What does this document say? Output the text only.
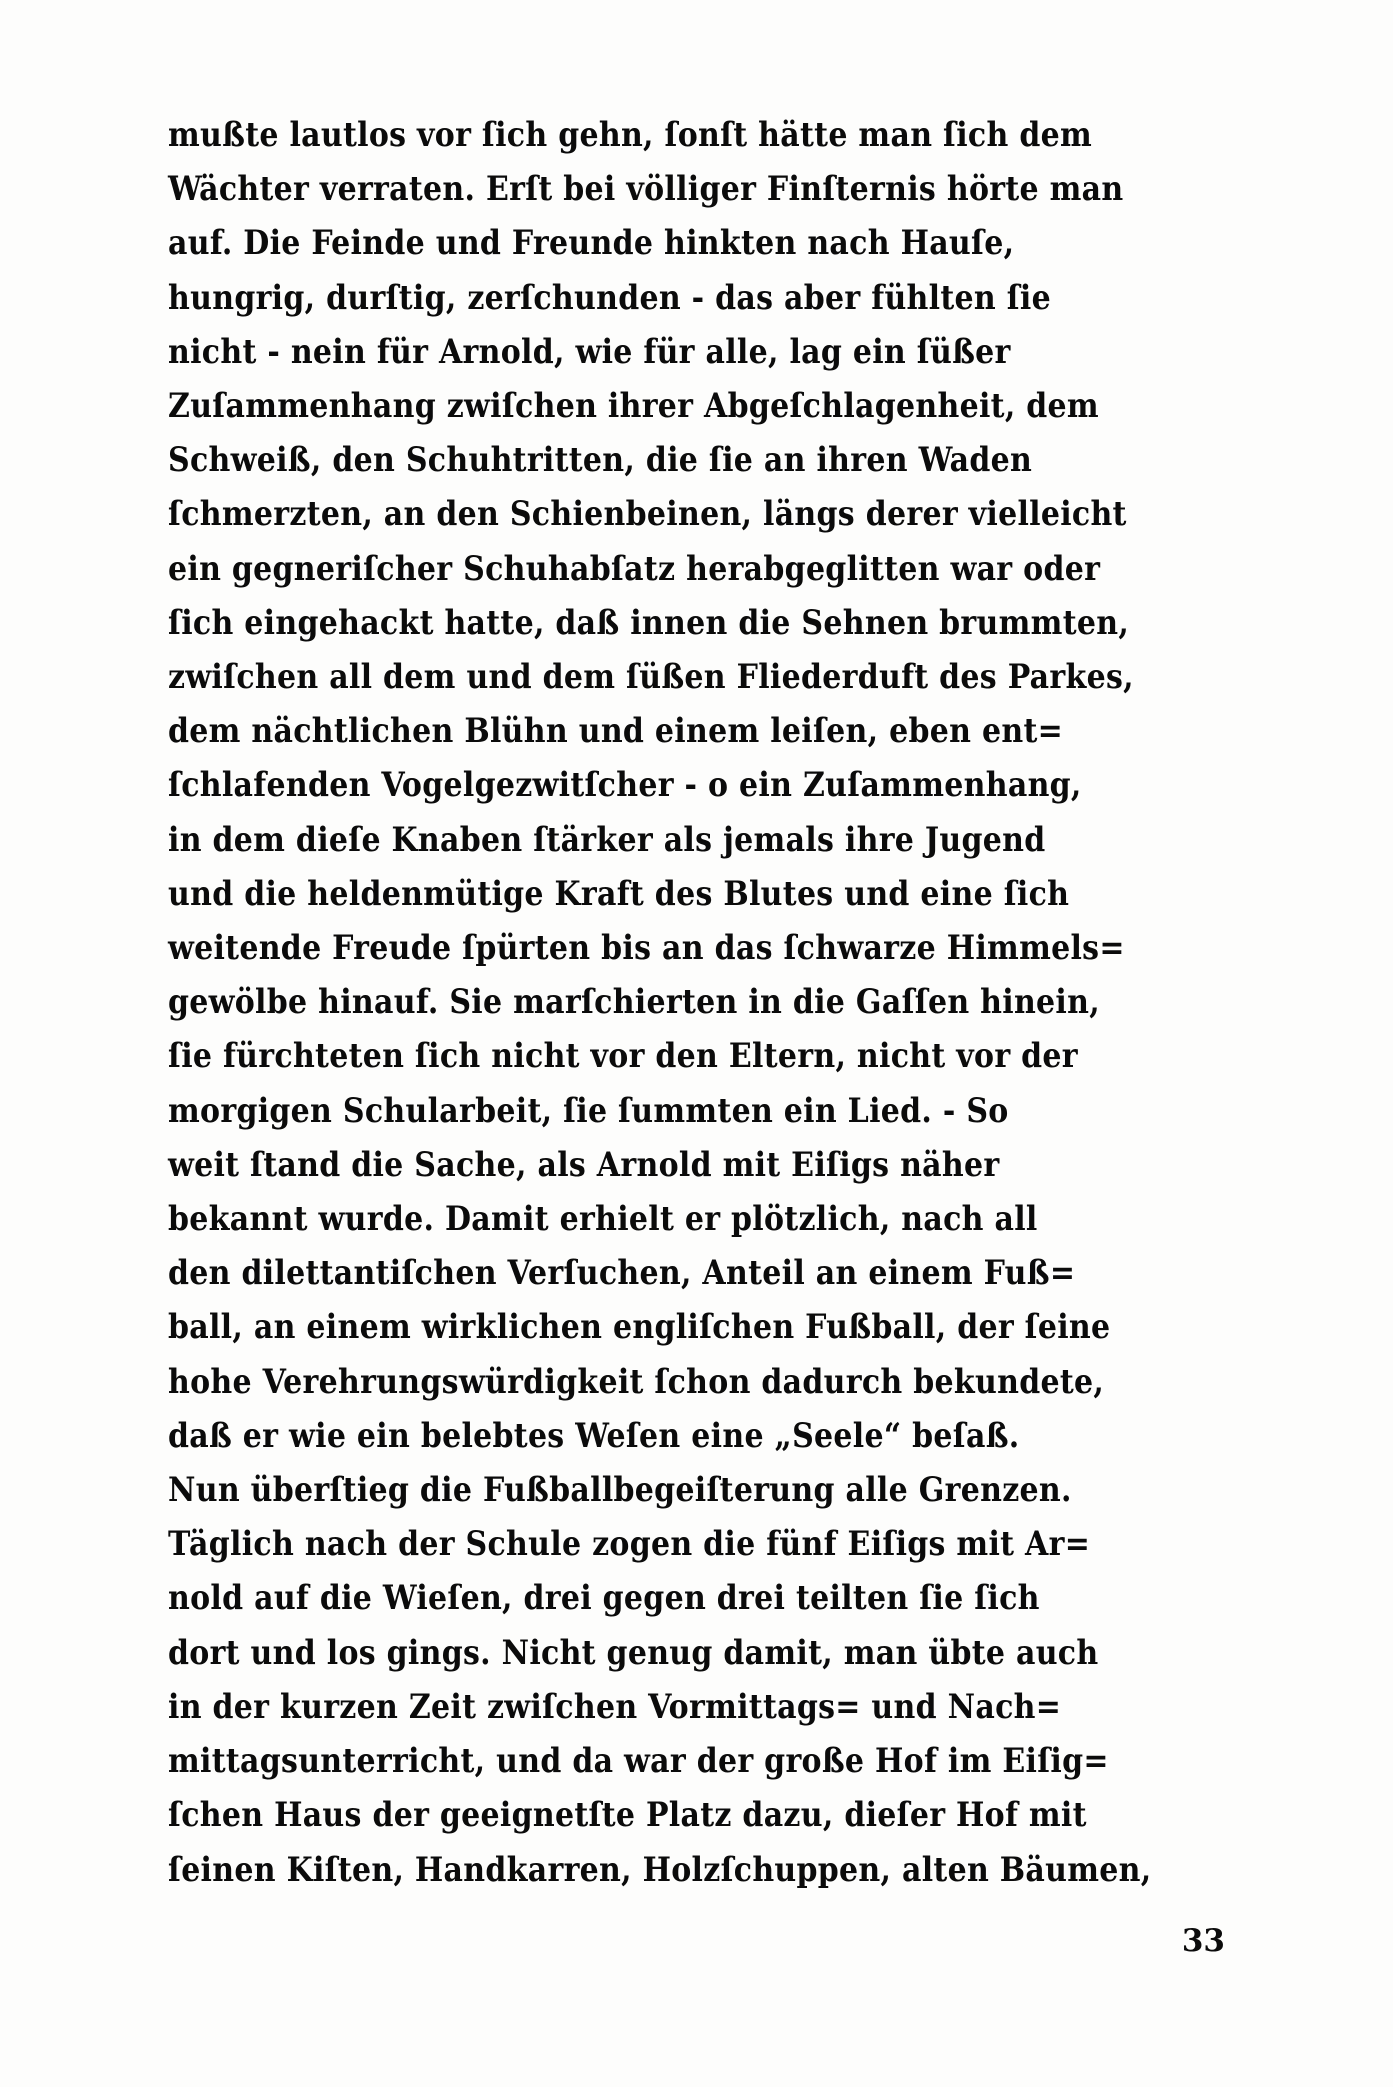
mußte lautlos vor ſich gehn, ſonſt hätte man ſich dem
Wächter verraten. Erſt bei völliger Finſternis hörte man
auf. Die Feinde und Freunde hinkten nach Hauſe,
hungrig, durſtig, zerſchunden - das aber fühlten ſie
nicht - nein für Arnold, wie für alle, lag ein ſüßer
Zuſammenhang zwiſchen ihrer Abgeſchlagenheit, dem
Schweiß, den Schuhtritten, die ſie an ihren Waden
ſchmerzten, an den Schienbeinen, längs derer vielleicht
ein gegneriſcher Schuhabſatz herabgeglitten war oder
ſich eingehackt hatte, daß innen die Sehnen brummten,
zwiſchen all dem und dem ſüßen Fliederduft des Parkes,
dem nächtlichen Blühn und einem leiſen, eben ent=
ſchlafenden Vogelgezwitſcher - o ein Zuſammenhang,
in dem dieſe Knaben ſtärker als jemals ihre Jugend
und die heldenmütige Kraft des Blutes und eine ſich
weitende Freude ſpürten bis an das ſchwarze Himmels=
gewölbe hinauf. Sie marſchierten in die Gaſſen hinein,
ſie fürchteten ſich nicht vor den Eltern, nicht vor der
morgigen Schularbeit, ſie ſummten ein Lied. - So
weit ſtand die Sache, als Arnold mit Eiſigs näher
bekannt wurde. Damit erhielt er plötzlich, nach all
den dilettantiſchen Verſuchen, Anteil an einem Fuß=
ball, an einem wirklichen engliſchen Fußball, der ſeine
hohe Verehrungswürdigkeit ſchon dadurch bekundete,
daß er wie ein belebtes Weſen eine „Seele“ beſaß.
Nun überſtieg die Fußballbegeiſterung alle Grenzen.
Täglich nach der Schule zogen die fünf Eiſigs mit Ar=
nold auf die Wieſen, drei gegen drei teilten ſie ſich
dort und los gings. Nicht genug damit, man übte auch
in der kurzen Zeit zwiſchen Vormittags= und Nach=
mittagsunterricht, und da war der große Hof im Eiſig=
ſchen Haus der geeignetſte Platz dazu, dieſer Hof mit
ſeinen Kiſten, Handkarren, Holzſchuppen, alten Bäumen,
33
